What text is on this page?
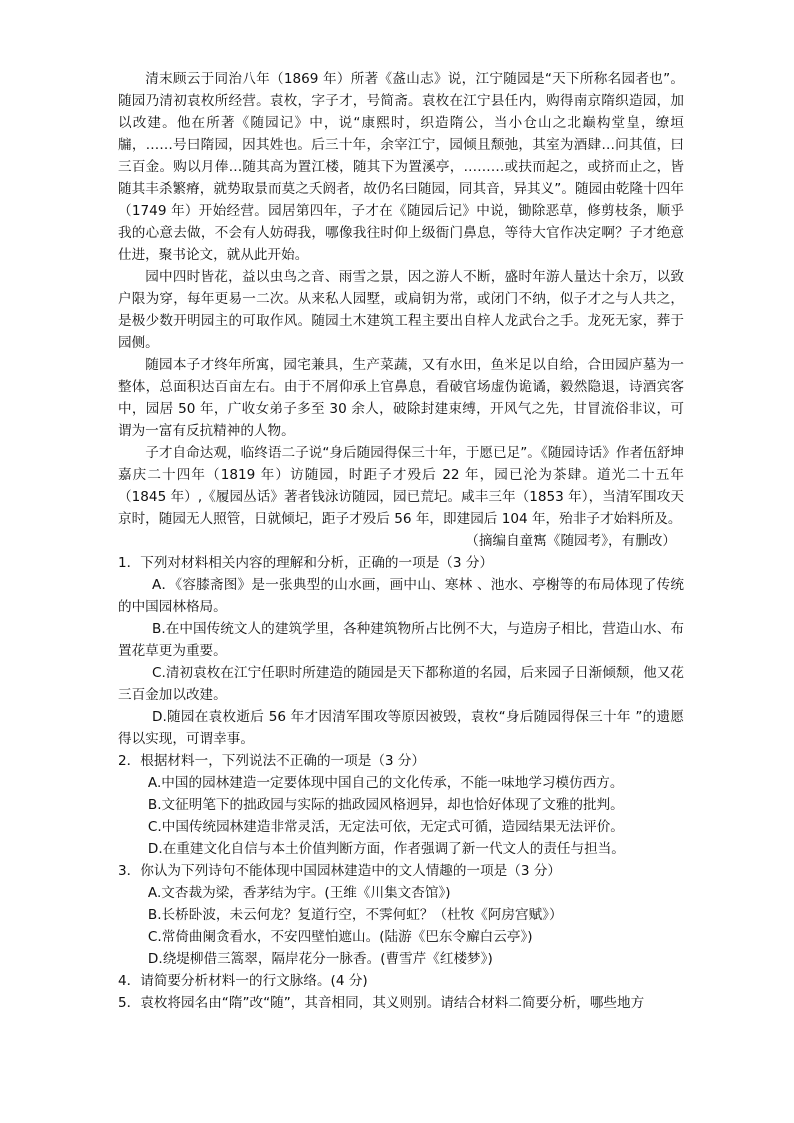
清末顾云于同治八年（1869 年）所著《盋山志》说，江宁随园是“天下所称名园者也”。随园乃清初袁枚所经营。袁枚，字子才，号简斋。袁枚在江宁县任内，购得南京隋织造园，加以改建。他在所著《随园记》中，说“康熙时，织造隋公，当小仓山之北巅构堂皇，缭垣牖，……号曰隋园，因其姓也。后三十年，余宰江宁，园倾且颓弛，其室为酒肆…问其值，曰三百金。购以月俸…随其高为置江楼，随其下为置溪亭，………或扶而起之，或挤而止之，皆随其丰杀繁瘠，就势取景而莫之夭阏者，故仍名曰随园，同其音，异其义”。随园由乾隆十四年（1749 年）开始经营。园居第四年，子才在《随园后记》中说，锄除恶草，修剪枝条，顺乎我的心意去做，不会有人妨碍我，哪像我往时仰上级衙门鼻息，等待大官作决定啊？子才绝意仕进，聚书论文，就从此开始。

园中四时皆花，益以虫鸟之音、雨雪之景，因之游人不断，盛时年游人量达十余万，以致户限为穿，每年更易一二次。从来私人园墅，或扃钥为常，或闭门不纳，似子才之与人共之，是极少数开明园主的可取作风。随园土木建筑工程主要出自梓人龙武台之手。龙死无家，葬于园侧。

随园本子才终年所寓，园宅兼具，生产菜蔬，又有水田，鱼米足以自给，合田园庐墓为一整体，总面积达百亩左右。由于不屑仰承上官鼻息，看破官场虚伪诡谲，毅然隐退，诗酒宾客中，园居 50 年，广收女弟子多至 30 余人，破除封建束缚，开风气之先，甘冒流俗非议，可谓为一富有反抗精神的人物。

子才自命达观，临终语二子说“身后随园得保三十年，于愿已足”。《随园诗话》作者伍舒坤嘉庆二十四年（1819 年）访随园，时距子才殁后 22 年，园已沦为茶肆。道光二十五年（1845 年）,《履园丛话》著者钱泳访随园，园已荒圮。咸丰三年（1853 年），当清军围攻天京时，随园无人照管，日就倾圮，距子才殁后 56 年，即建园后 104 年，殆非子才始料所及。

（摘编自童寯《随园考》，有删改）

1．下列对材料相关内容的理解和分析，正确的一项是（3 分）

A．《容膝斋图》是一张典型的山水画，画中山、寒林 、池水、亭榭等的布局体现了传统的中国园林格局。

B.在中国传统文人的建筑学里，各种建筑物所占比例不大，与造房子相比，营造山水、布置花草更为重要。

C.清初袁枚在江宁任职时所建造的随园是天下都称道的名园，后来园子日渐倾颓，他又花三百金加以改建。

D.随园在袁枚逝后 56 年才因清军围攻等原因被毁，袁枚“身后随园得保三十年 ”的遗愿得以实现，可谓幸事。

2．根据材料一，下列说法不正确的一项是（3 分）

A.中国的园林建造一定要体现中国自己的文化传承，不能一味地学习模仿西方。

B.文征明笔下的拙政园与实际的拙政园风格迥异，却也恰好体现了文雅的批判。

C.中国传统园林建造非常灵活，无定法可依，无定式可循，造园结果无法评价。

D.在重建文化自信与本土价值判断方面，作者强调了新一代文人的责任与担当。

3．你认为下列诗句不能体现中国园林建造中的文人情趣的一项是（3 分）

A.文杏裁为梁，香茅结为宇。(王维《川集文杏馆》)

B.长桥卧波，未云何龙？复道行空，不霁何虹？（杜牧《阿房宫赋》）

C.常倚曲阑贪看水，不安四壁怕遮山。(陆游《巴东令廨白云亭》)

D.绕堤柳借三篙翠，隔岸花分一脉香。(曹雪芹《红楼梦》)

4．请简要分析材料一的行文脉络。(4 分)

5．袁枚将园名由“隋”改“随”，其音相同，其义则别。请结合材料二简要分析，哪些地方
